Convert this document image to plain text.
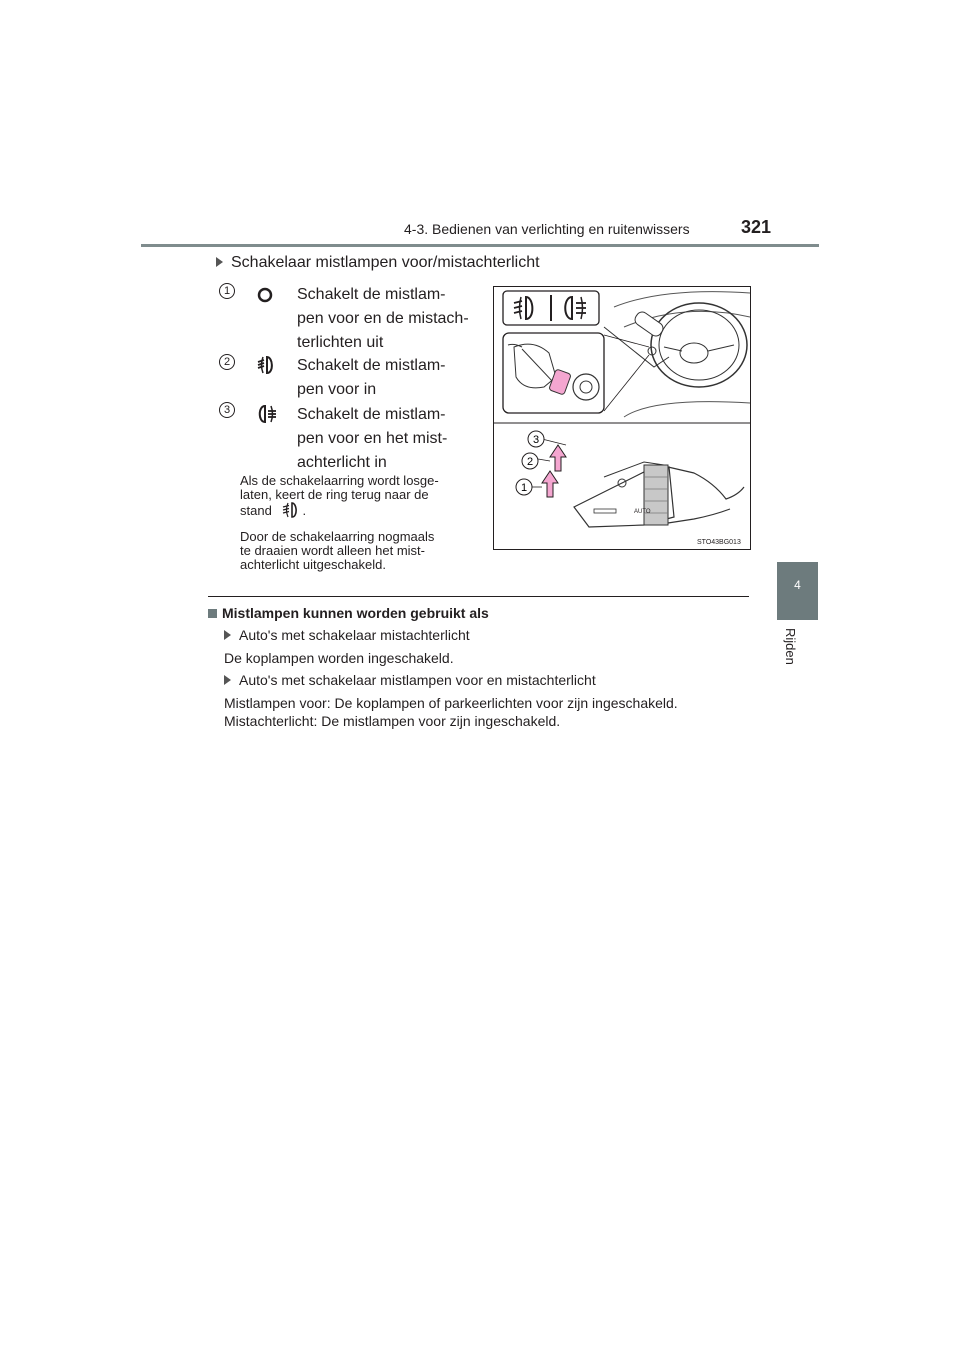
4-3. Bedienen van verlichting en ruitenwissers	321
4
Rijden
Schakelaar mistlampen voor/mistachterlicht
1	Schakelt de mistlam-
pen voor en de mistach-
terlichten uit
2	Schakelt de mistlam-
pen voor in
3	Schakelt de mistlam-
pen voor en het mist-
achterlicht in
Als de schakelaarring wordt losge-
laten, keert de ring terug naar de
stand .
Door de schakelaarring nogmaals
te draaien wordt alleen het mist-
achterlicht uitgeschakeld.
AUTO
3
2
1
STO43BG013
Mistlampen kunnen worden gebruikt als
Auto's met schakelaar mistachterlicht
De koplampen worden ingeschakeld.
Auto's met schakelaar mistlampen voor en mistachterlicht
Mistlampen voor: De koplampen of parkeerlichten voor zijn ingeschakeld.
Mistachterlicht: De mistlampen voor zijn ingeschakeld.
